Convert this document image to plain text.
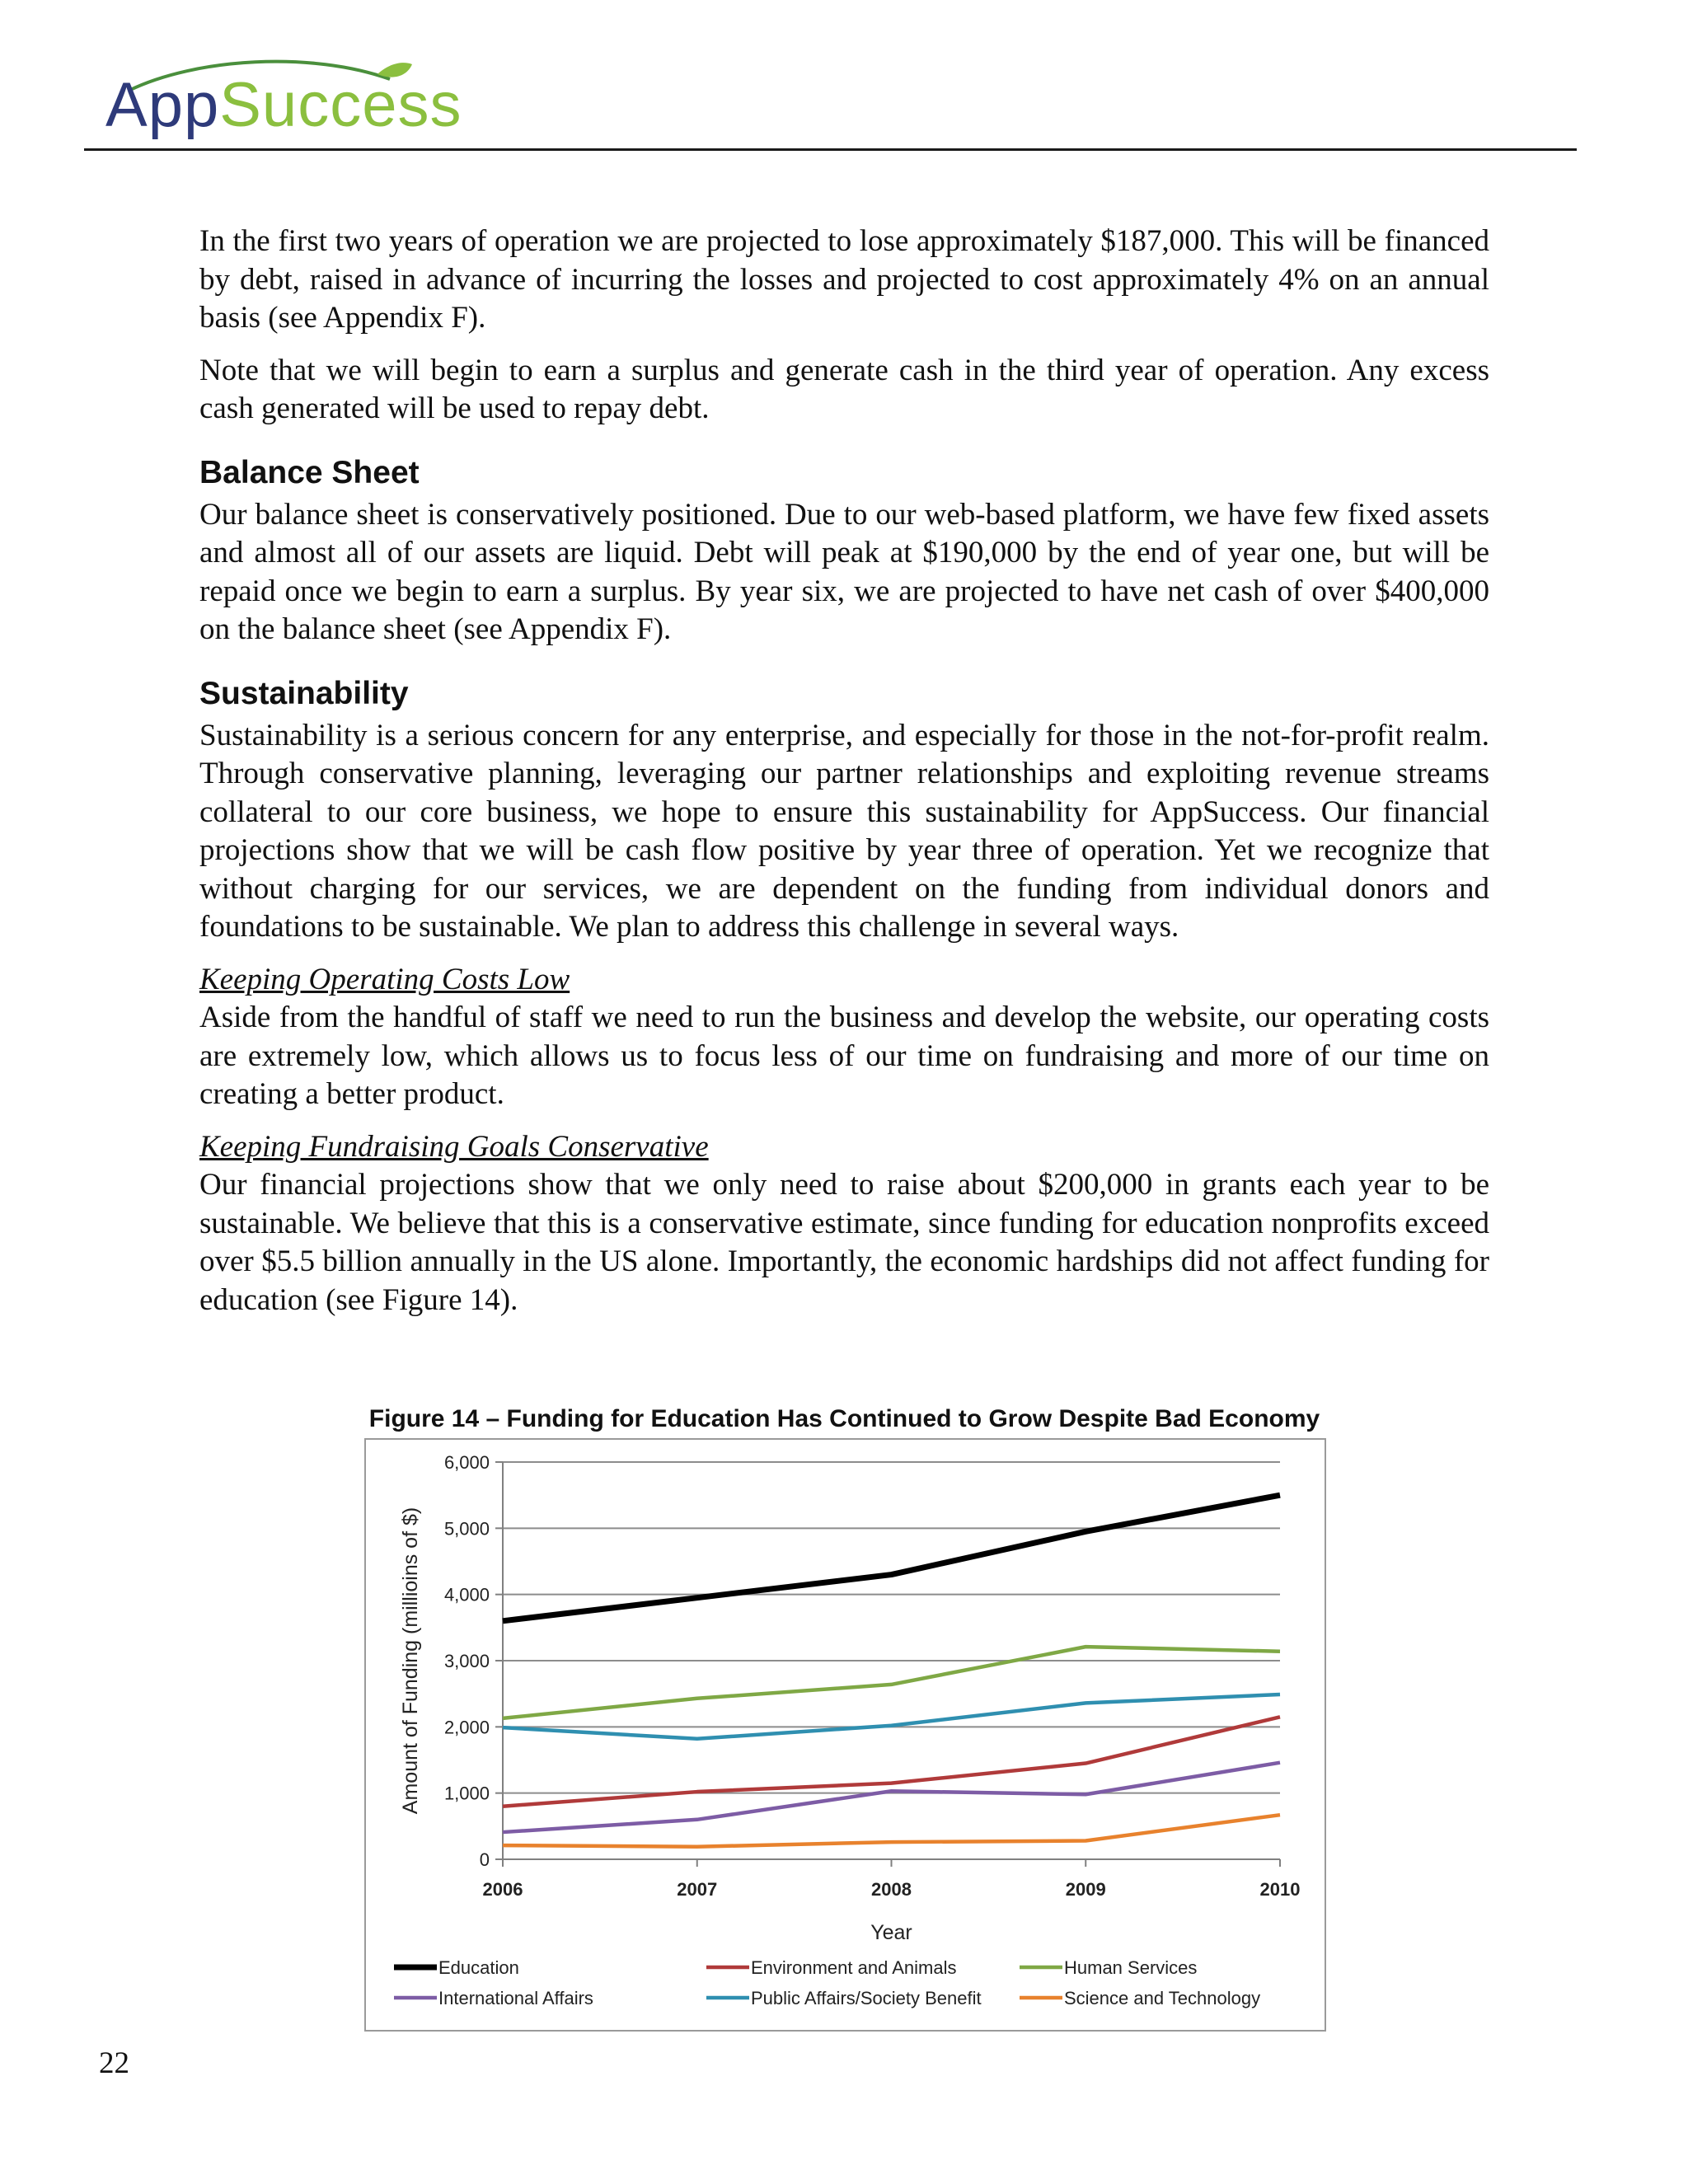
AppSuccess

In the first two years of operation we are projected to lose approximately $187,000. This will be financed by debt, raised in advance of incurring the losses and projected to cost approximately 4% on an annual basis (see Appendix F).

Note that we will begin to earn a surplus and generate cash in the third year of operation. Any excess cash generated will be used to repay debt.

Balance Sheet

Our balance sheet is conservatively positioned. Due to our web-based platform, we have few fixed assets and almost all of our assets are liquid. Debt will peak at $190,000 by the end of year one, but will be repaid once we begin to earn a surplus. By year six, we are projected to have net cash of over $400,000 on the balance sheet (see Appendix F).

Sustainability

Sustainability is a serious concern for any enterprise, and especially for those in the not-for-profit realm. Through conservative planning, leveraging our partner relationships and exploiting revenue streams collateral to our core business, we hope to ensure this sustainability for AppSuccess. Our financial projections show that we will be cash flow positive by year three of operation. Yet we recognize that without charging for our services, we are dependent on the funding from individual donors and foundations to be sustainable. We plan to address this challenge in several ways.

Keeping Operating Costs Low

Aside from the handful of staff we need to run the business and develop the website, our operating costs are extremely low, which allows us to focus less of our time on fundraising and more of our time on creating a better product.

Keeping Fundraising Goals Conservative

Our financial projections show that we only need to raise about $200,000 in grants each year to be sustainable. We believe that this is a conservative estimate, since funding for education nonprofits exceed over $5.5 billion annually in the US alone. Importantly, the economic hardships did not affect funding for education (see Figure 14).

Figure 14 – Funding for Education Has Continued to Grow Despite Bad Economy
0
1,000
2,000
3,000
4,000
5,000
6,000
2006	2007	2008	2009	2010
Year
Amount of Funding (millioins of $)
Education	Environment and Animals	Human Services
International Affairs	Public Affairs/Society Benefit	Science and Technology
22
